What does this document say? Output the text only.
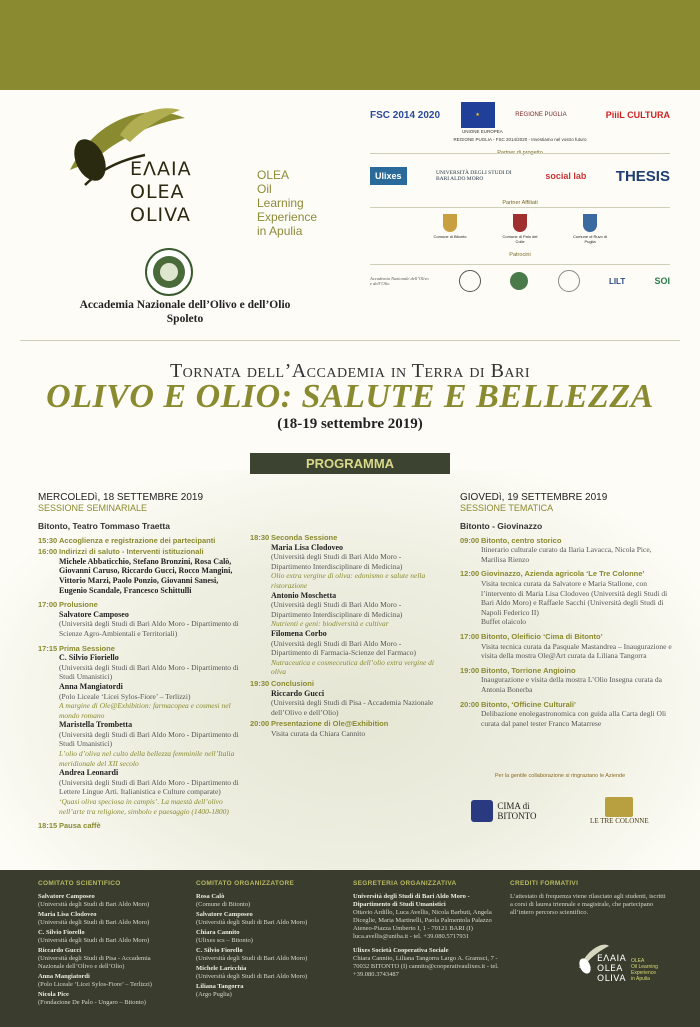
ΕΛΑΙΑ
OLEA
OLIVA
OLEA
Oil Learning
Experience
in Apulia
Accademia Nazionale dell’Olivo e dell’Olio
Spoleto
FSC 2014 2020	★	REGIONE PUGLIA	PiiiL CULTURA
UNIONE EUROPEA
REGIONE PUGLIA - FSC 2014/2020 - Investiamo nel vostro futuro
Ulixes	UNIVERSITÀ DEGLI STUDI DI BARI ALDO MORO	social lab THESIS
Partner Affiliati
Comune di Bitonto	Comune di Palo del Colle
Comune di Ruvo di Puglia
Patrocini
Accademia Nazionale dell’Olivo e dell’Olio	LILT	SOI
Tornata dell’Accademia in Terra di Bari
OLIVO E OLIO: SALUTE E BELLEZZA
(18-19 settembre 2019)
PROGRAMMA
MERCOLEDì, 18 SETTEMBRE 2019
SESSIONE SEMINARIALE
Bitonto, Teatro Tommaso Traetta
15:30 Accoglienza e registrazione dei partecipanti
16:00 Indirizzi di saluto - Interventi istituzionali
Michele Abbaticchio, Stefano Bronzini, Rosa Calò, Giovanni Caruso, Riccardo Gucci, Rocco Mangini, Vittorio Marzi, Paolo Ponzio, Giovanni Sanesi, Eugenio Scandale, Francesco Schittulli
17:00 Prolusione
Salvatore Camposeo
(Università degli Studi di Bari Aldo Moro - Dipartimento di Scienze Agro-Ambientali e Territoriali)
17:15 Prima Sessione
C. Silvio Fioriello
(Università degli Studi di Bari Aldo Moro - Dipartimento di Studi Umanistici)
Anna Mangiatordi
(Polo Liceale ‘Licei Sylos-Fiore’ – Terlizzi)
A margine di Ole@Exhibition: farmacopea e cosmesi nel mondo romano
Maristella Trombetta
(Università degli Studi di Bari Aldo Moro - Dipartimento di Studi Umanistici)
L’olio d’oliva nel culto della bellezza femminile nell’Italia meridionale del XII secolo
Andrea Leonardi
(Università degli Studi di Bari Aldo Moro - Dipartimento di Lettere Lingue Arti. Italianistica e Culture comparate)
‘Quasi oliva speciosa in campis’. La maestà dell’olivo nell’arte tra religione, simbolo e paesaggio (1400-1800)
18:15 Pausa caffè
18:30 Seconda Sessione
Maria Lisa Clodoveo
(Università degli Studi di Bari Aldo Moro - Dipartimento Interdisciplinare di Medicina)
Olio extra vergine di oliva: edonismo e salute nella ristorazione
Antonio Moschetta
(Università degli Studi di Bari Aldo Moro - Dipartimento Interdisciplinare di Medicina)
Nutrienti e geni: biodiversità e cultivar
Filomena Corbo
(Università degli Studi di Bari Aldo Moro - Dipartimento di Farmacia-Scienze del Farmaco)
Nutraceutica e cosmeceutica dell’olio extra vergine di oliva
19:30 Conclusioni
Riccardo Gucci
(Università degli Studi di Pisa - Accademia Nazionale dell’Olivo e dell’Olio)
20:00 Presentazione di Ole@Exhibition
Visita curata da Chiara Cannito
GIOVEDì, 19 SETTEMBRE 2019
SESSIONE TEMATICA
Bitonto - Giovinazzo
09:00 Bitonto, centro storico
Itinerario culturale curato da Ilaria Lavacca, Nicola Pice, Marilisa Rienzo
12:00 Giovinazzo, Azienda agricola ‘Le Tre Colonne’
Visita tecnica curata da Salvatore e Maria Stallone, con l’intervento di Maria Lisa Clodoveo (Università degli Studi di Bari Aldo Moro) e Raffaele Sacchi (Università degli Studi di Napoli Federico II)
Buffet olaicolo
17:00 Bitonto, Oleificio ‘Cima di Bitonto’
Visita tecnica curata da Pasquale Mastandrea – Inaugurazione e visita della mostra Ole@Art curata da Liliana Tangorra
19:00 Bitonto, Torrione Angioino
Inaugurazione e visita della mostra L’Olio Insegna curata da Antonia Bonerba
20:00 Bitonto, ‘Officine Culturali’
Delibazione enolegastronomica con guida alla Carta degli Oli curata dal panel tester Franco Matarrese
Per la gentile collaborazione si ringraziano le Aziende
CIMA di BITONTO	LE TRE COLONNE
COMITATO SCIENTIFICO
Salvatore Camposeo
(Università degli Studi di Bari Aldo Moro)
Maria Lisa Clodoveo
(Università degli Studi di Bari Aldo Moro)
C. Silvio Fiorello
(Università degli Studi di Bari Aldo Moro)
Riccardo Gucci
(Università degli Studi di Pisa - Accademia Nazionale dell’Olivo e dell’Olio)
Anna Mangiatordi
(Polo Liceale ‘Licei Sylos-Fiore’ – Terlizzi)
Nicola Pice
(Fondazione De Palo - Ungaro – Bitonto)
COMITATO ORGANIZZATORE
Rosa Calò
(Comune di Bitonto)
Salvatore Camposeo
(Università degli Studi di Bari Aldo Moro)
Chiara Cannito
(Ulixes scs – Bitonto)
C. Silvio Fiorello
(Università degli Studi di Bari Aldo Moro)
Michele Laricchia
(Università degli Studi di Bari Aldo Moro)
Liliana Tangorra
(Argo Puglia)
SEGRETERIA ORGANIZZATIVA
Università degli Studi di Bari Aldo Moro - Dipartimento di Studi Umanistici
Ottavio Ardillo, Luca Avellis, Nicola Barbuti, Angela Diceglie, Maria Martinelli, Paola Palmentola Palazzo Ateneo-Piazza Umberto I, 1 - 70121 BARI (I) luca.avellis@uniba.it - tel. +39.080.5717931
Ulixes Società Cooperativa Sociale
Chiara Cannito, Liliana Tangorra Largo A. Gramsci, 7 - 70032 BITONTO (I) cannito@cooperativaulixes.it - tel. +39.080.3743487
CREDITI FORMATIVI
L’attestato di frequenza viene rilasciato agli studenti, iscritti a corsi di laurea triennale e magistrale, che partecipano all’intero percorso scientifico.
ΕΛΑΙΑ
OLEA
OLIVA
OLEA
Oil Learning
Experience
in Apulia
